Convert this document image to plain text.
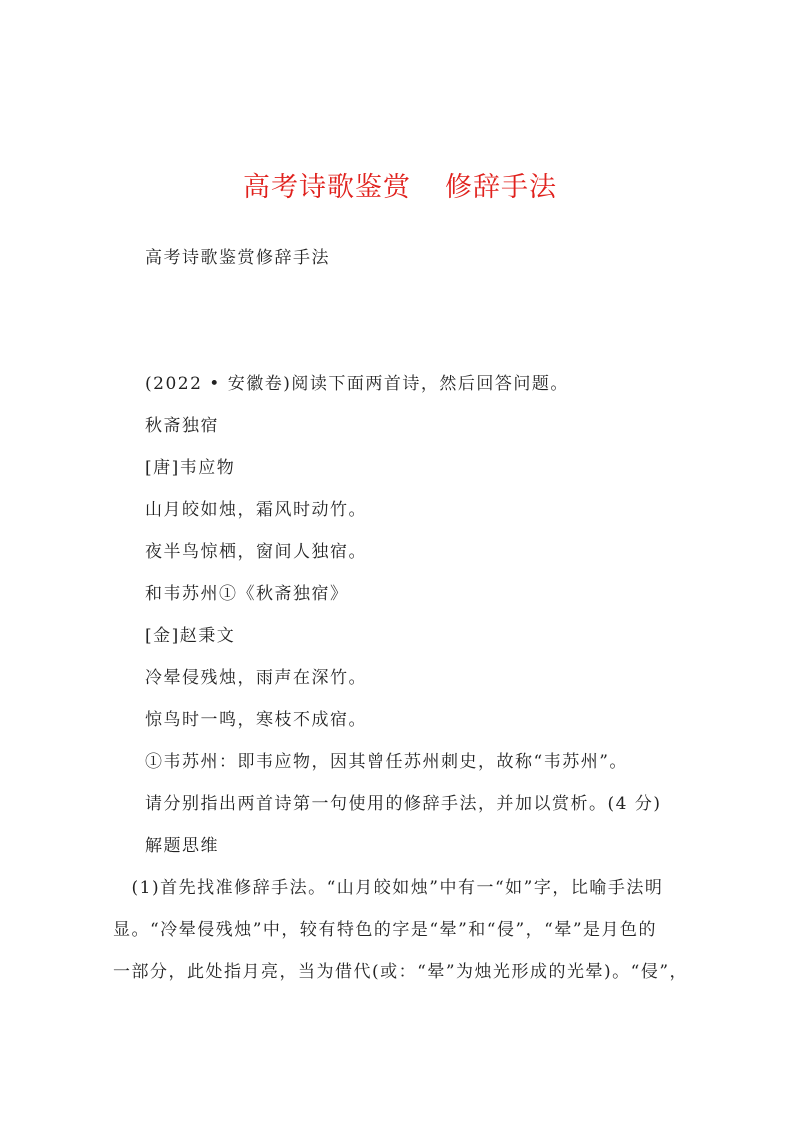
高考诗歌鉴赏 修辞手法
高考诗歌鉴赏修辞手法
(2022 • 安徽卷)阅读下面两首诗，然后回答问题。
秋斋独宿
[唐]韦应物
山月皎如烛，霜风时动竹。
夜半鸟惊栖，窗间人独宿。
和韦苏州①《秋斋独宿》
[金]赵秉文
冷晕侵残烛，雨声在深竹。
惊鸟时一鸣，寒枝不成宿。
①韦苏州：即韦应物，因其曾任苏州刺史，故称“韦苏州”。
请分别指出两首诗第一句使用的修辞手法，并加以赏析。(4 分)
解题思维
　(1)首先找准修辞手法。“山月皎如烛”中有一“如”字，比喻手法明
显。“冷晕侵残烛”中，较有特色的字是“晕”和“侵”，“晕”是月色的
一部分，此处指月亮，当为借代(或：“晕”为烛光形成的光晕)。“侵”，
